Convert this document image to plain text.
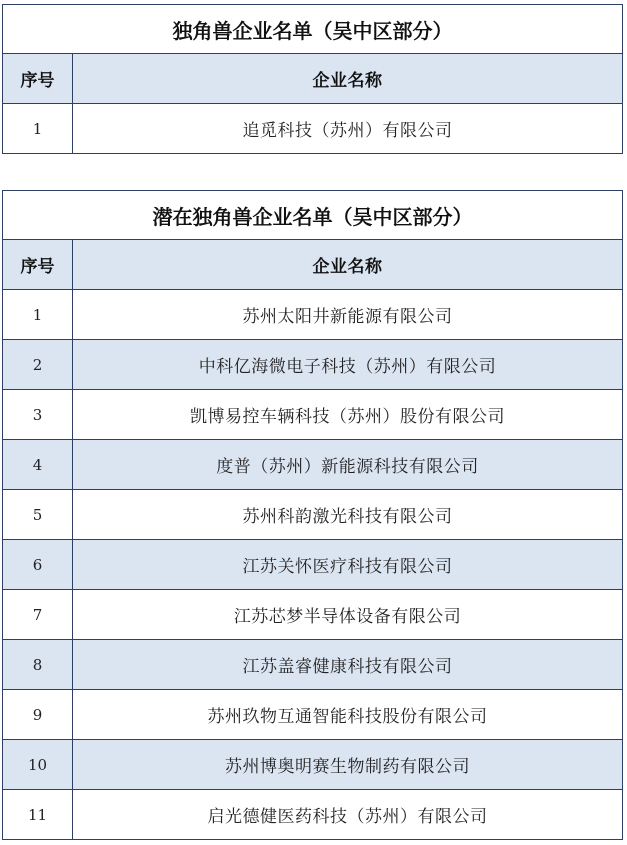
独角兽企业名单（吴中区部分）
序号	企业名称
1	追觅科技（苏州）有限公司
潜在独角兽企业名单（吴中区部分）
序号	企业名称
1	苏州太阳井新能源有限公司
2	中科亿海微电子科技（苏州）有限公司
3	凯博易控车辆科技（苏州）股份有限公司
4	度普（苏州）新能源科技有限公司
5	苏州科韵激光科技有限公司
6	江苏关怀医疗科技有限公司
7	江苏芯梦半导体设备有限公司
8	江苏盖睿健康科技有限公司
9	苏州玖物互通智能科技股份有限公司
10	苏州博奥明赛生物制药有限公司
11	启光德健医药科技（苏州）有限公司
